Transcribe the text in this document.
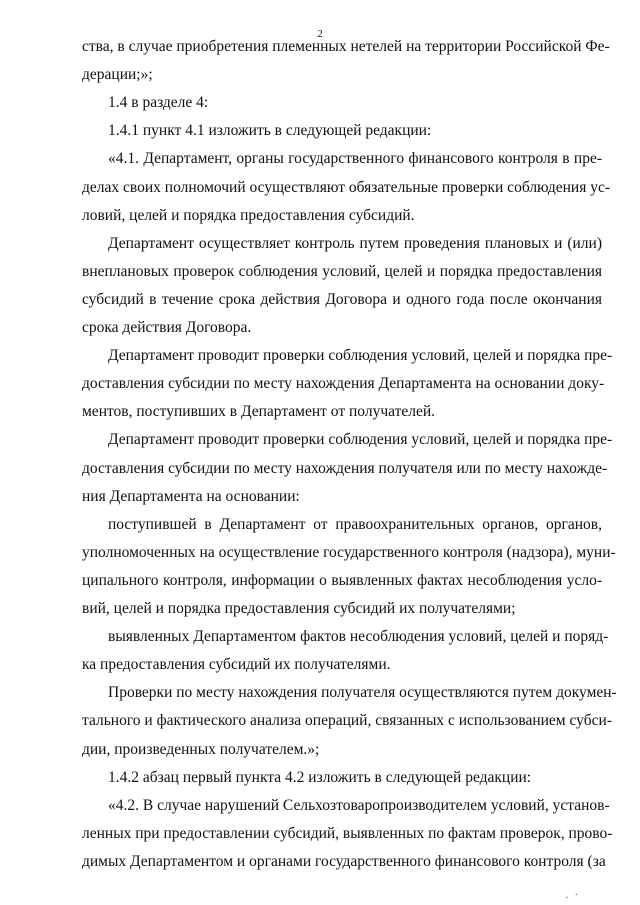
2
ства, в случае приобретения племенных нетелей на территории Российской Фе-
дерации;»;
1.4 в разделе 4:
1.4.1 пункт 4.1 изложить в следующей редакции:
«4.1. Департамент, органы государственного финансового контроля в пре-
делах своих полномочий осуществляют обязательные проверки соблюдения ус-
ловий, целей и порядка предоставления субсидий.
Департамент осуществляет контроль путем проведения плановых и (или)
внеплановых проверок соблюдения условий, целей и порядка предоставления
субсидий в течение срока действия Договора и одного года после окончания
срока действия Договора.
Департамент проводит проверки соблюдения условий, целей и порядка пре-
доставления субсидии по месту нахождения Департамента на основании доку-
ментов, поступивших в Департамент от получателей.
Департамент проводит проверки соблюдения условий, целей и порядка пре-
доставления субсидии по месту нахождения получателя или по месту нахожде-
ния Департамента на основании:
поступившей в Департамент от правоохранительных органов, органов,
уполномоченных на осуществление государственного контроля (надзора), муни-
ципального контроля, информации о выявленных фактах несоблюдения усло-
вий, целей и порядка предоставления субсидий их получателями;
выявленных Департаментом фактов несоблюдения условий, целей и поряд-
ка предоставления субсидий их получателями.
Проверки по месту нахождения получателя осуществляются путем докумен-
тального и фактического анализа операций, связанных с использованием субси-
дии, произведенных получателем.»;
1.4.2 абзац первый пункта 4.2 изложить в следующей редакции:
«4.2. В случае нарушений Сельхозтоваропроизводителем условий, установ-
ленных при предоставлении субсидий, выявленных по фактам проверок, прово-
димых Департаментом и органами государственного финансового контроля (за
. ·
